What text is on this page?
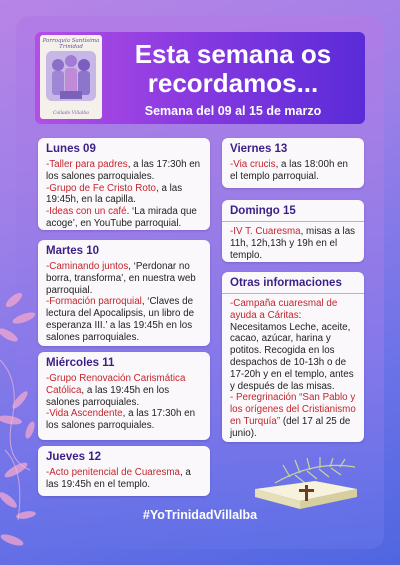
Parroquia Santísima Trinidad
Collado Villalba
Esta semana os recordamos...
Semana del 09 al 15 de marzo
Lunes 09

-Taller para padres, a las 17:30h en los salones parroquiales.

-Grupo de Fe Cristo Roto, a las 19:45h, en la capilla.

-Ideas con un café. ‘La mirada que acoge’, en YouTube parroquial.

Martes 10

-Caminando juntos, ‘Perdonar no borra, transforma’, en nuestra web parroquial.

-Formación parroquial, ‘Claves de lectura del Apocalipsis, un libro de esperanza III.’ a las 19:45h en los salones parroquiales.

Miércoles 11

-Grupo Renovación Carismática Católica, a las 19:45h en los salones parroquiales.

-Vida Ascendente, a las 17:30h en los salones parroquiales.

Jueves 12

-Acto penitencial de Cuaresma, a las 19:45h en el templo.

Viernes 13

-Via crucis, a las 18:00h en el templo parroquial.

Domingo 15

-IV T. Cuaresma, misas a las 11h, 12h,13h y 19h en el templo.

Otras informaciones

-Campaña cuaresmal de ayuda a Cáritas: Necesitamos Leche, aceite, cacao, azúcar, harina y potitos. Recogida en los despachos de 10-13h o de 17-20h y en el templo, antes y después de las misas.

- Peregrinación “San Pablo y los orígenes del Cristianismo en Turquía” (del 17 al 25 de junio).

#YoTrinidadVillalba
